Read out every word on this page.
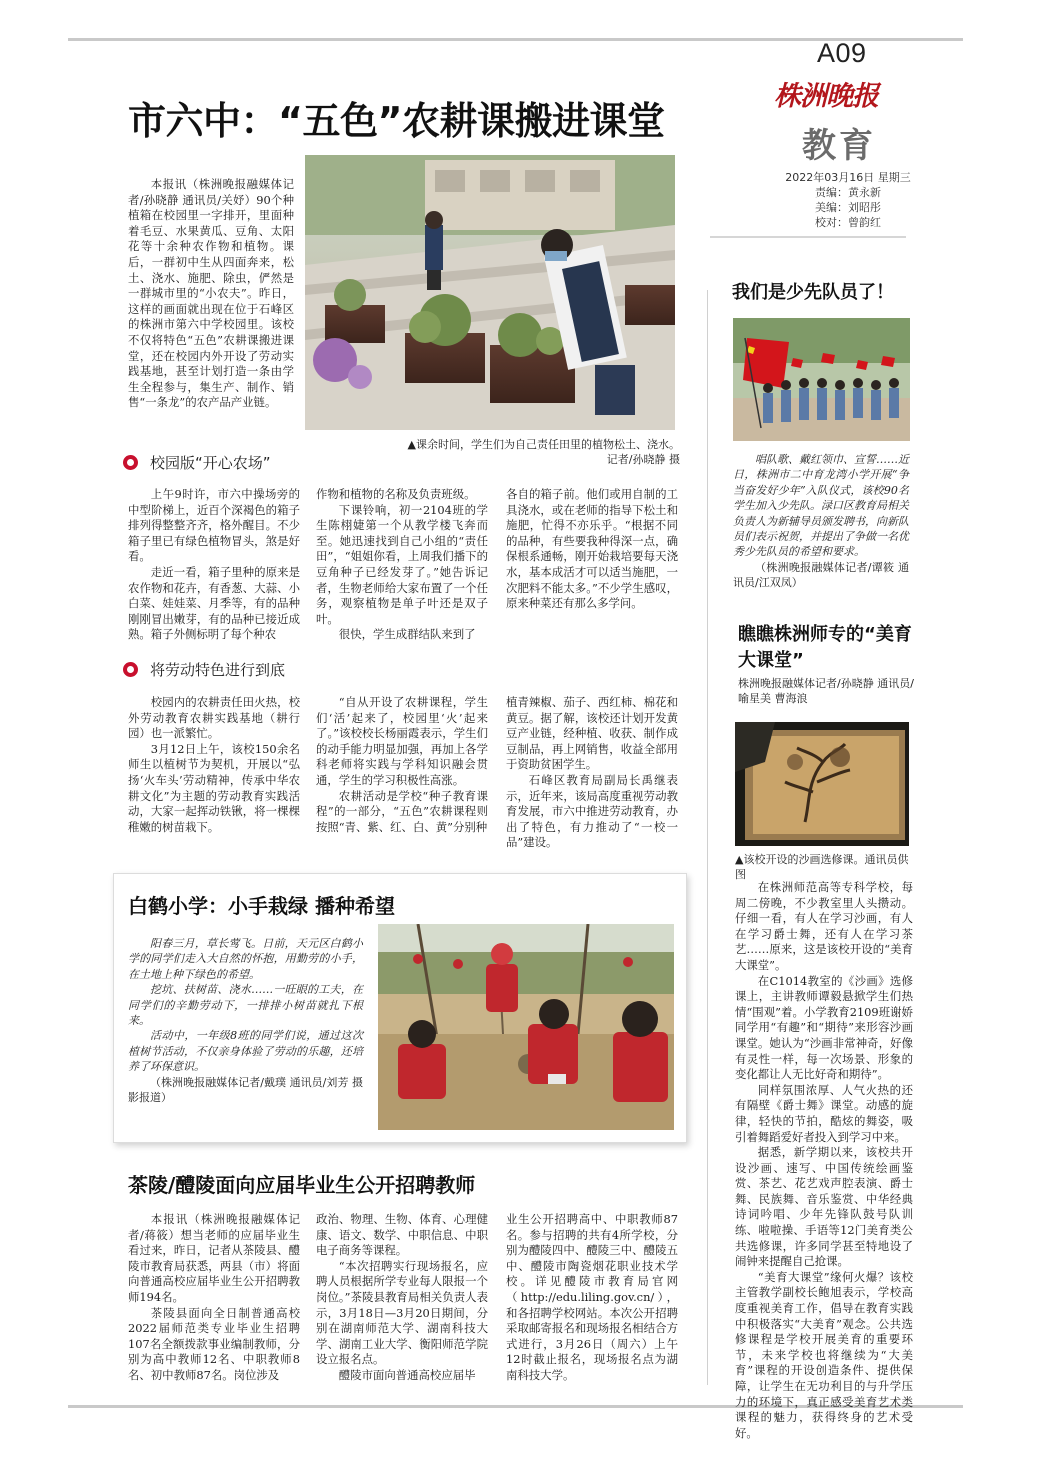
A09
株洲晚报
教育
2022年03月16日 星期三
责编：黄永新
美编：刘昭彤
校对：曾韵红
市六中：“五色”农耕课搬进课堂

本报讯（株洲晚报融媒体记者/孙晓静 通讯员/关妤）90个种植箱在校园里一字排开，里面种着毛豆、水果黄瓜、豆角、太阳花等十余种农作物和植物。课后，一群初中生从四面奔来，松土、浇水、施肥、除虫，俨然是一群城市里的“小农夫”。昨日，这样的画面就出现在位于石峰区的株洲市第六中学校园里。该校不仅将特色“五色”农耕课搬进课堂，还在校园内外开设了劳动实践基地，甚至计划打造一条由学生全程参与，集生产、制作、销售“一条龙”的农产品产业链。

▲课余时间，学生们为自己责任田里的植物松土、浇水。
记者/孙晓静 摄
校园版“开心农场”

上午9时许，市六中操场旁的中型阶梯上，近百个深褐色的箱子排列得整整齐齐，格外醒目。不少箱子里已有绿色植物冒头，煞是好看。

走近一看，箱子里种的原来是农作物和花卉，有香葱、大蒜、小白菜、娃娃菜、月季等，有的品种刚刚冒出嫩芽，有的品种已接近成熟。箱子外侧标明了每个种农

作物和植物的名称及负责班级。

下课铃响，初一2104班的学生陈栩婕第一个从教学楼飞奔而至。她迅速找到自己小组的“责任田”，“姐姐你看，上周我们播下的豆角种子已经发芽了。”她告诉记者，生物老师给大家布置了一个任务，观察植物是单子叶还是双子叶。

很快，学生成群结队来到了

各自的箱子前。他们或用自制的工具浇水，或在老师的指导下松土和施肥，忙得不亦乐乎。“根据不同的品种，有些要我种得深一点，确保根系通畅，刚开始栽培要每天浇水，基本成活才可以适当施肥，一次肥料不能太多。”不少学生感叹，原来种菜还有那么多学问。

将劳动特色进行到底

校园内的农耕责任田火热，校外劳动教育农耕实践基地（耕行园）也一派繁忙。

3月12日上午，该校150余名师生以植树节为契机，开展以“弘扬‘火车头’劳动精神，传承中华农耕文化”为主题的劳动教育实践活动，大家一起挥动铁锹，将一棵棵稚嫩的树苗栽下。

“自从开设了农耕课程，学生们‘活’起来了，校园里‘火’起来了。”该校校长杨丽霞表示，学生们的动手能力明显加强，再加上各学科老师将实践与学科知识融会贯通，学生的学习积极性高涨。

农耕活动是学校“种子教育课程”的一部分，“五色”农耕课程则按照“青、紫、红、白、黄”分别种

植青辣椒、茄子、西红柿、棉花和黄豆。据了解，该校还计划开发黄豆产业链，经种植、收获、制作成豆制品，再上网销售，收益全部用于资助贫困学生。

石峰区教育局副局长禹继表示，近年来，该局高度重视劳动教育发展，市六中推进劳动教育，办出了特色，有力推动了“一校一品”建设。

白鹤小学：小手栽绿 播种希望

阳春三月，草长莺飞。日前，天元区白鹤小学的同学们走入大自然的怀抱，用勤劳的小手，在土地上种下绿色的希望。

挖坑、扶树苗、浇水……一旺眼的工夫，在同学们的辛勤劳动下，一排排小树苗就扎下根来。

活动中，一年级8班的同学们说，通过这次植树节活动，不仅亲身体验了劳动的乐趣，还培养了环保意识。

（株洲晚报融媒体记者/戴璞 通讯员/刘芳 摄影报道）

茶陵/醴陵面向应届毕业生公开招聘教师

本报讯（株洲晚报融媒体记者/蒋筱）想当老师的应届毕业生看过来，昨日，记者从茶陵县、醴陵市教育局获悉，两县（市）将面向普通高校应届毕业生公开招聘教师194名。

茶陵县面向全日制普通高校2022届师范类专业毕业生招聘107名全额拨款事业编制教师，分别为高中教师12名、中职教师8名、初中教师87名。岗位涉及

政治、物理、生物、体育、心理健康、语文、数学、中职信息、中职电子商务等课程。

“本次招聘实行现场报名，应聘人员根据所学专业每人限报一个岗位。”茶陵县教育局相关负责人表示，3月18日—3月20日期间，分别在湖南师范大学、湖南科技大学、湖南工业大学、衡阳师范学院设立报名点。

醴陵市面向普通高校应届毕

业生公开招聘高中、中职教师87名。参与招聘的共有4所学校，分别为醴陵四中、醴陵三中、醴陵五中、醴陵市陶瓷烟花职业技术学校。详见醴陵市教育局官网（http://edu.liling.gov.cn/），和各招聘学校网站。本次公开招聘采取邮寄报名和现场报名相结合方式进行，3月26日（周六）上午12时截止报名，现场报名点为湖南科技大学。

我们是少先队员了！

唱队歌、戴红领巾、宣誓……近日，株洲市二中育龙湾小学开展“争当奋发好少年”入队仪式，该校90名学生加入少先队。渌口区教育局相关负责人为新辅导员颁发聘书，向新队员们表示祝贺，并提出了争做一名优秀少先队员的希望和要求。

（株洲晚报融媒体记者/谭筱 通讯员/江双凤）

瞧瞧株洲师专的“美育大课堂”
株洲晚报融媒体记者/孙晓静 通讯员/喻星美 曹海浪
▲该校开设的沙画选修课。通讯员供图

在株洲师范高等专科学校，每周二傍晚，不少教室里人头攒动。仔细一看，有人在学习沙画，有人在学习爵士舞，还有人在学习茶艺……原来，这是该校开设的“美育大课堂”。

在C1014教室的《沙画》选修课上，主讲教师谭毅悬掀学生们热情“围观”着。小学教育2109班谢娇同学用“有趣”和“期待”来形容沙画课堂。她认为“沙画非常神奇，好像有灵性一样，每一次场景、形象的变化都让人无比好奇和期待”。

同样氛围浓厚、人气火热的还有隔壁《爵士舞》课堂。动感的旋律，轻快的节拍，酷炫的舞姿，吸引着舞蹈爱好者投入到学习中来。

据悉，新学期以来，该校共开设沙画、速写、中国传统绘画鉴赏、茶艺、花艺戏声腔表演、爵士舞、民族舞、音乐鉴赏、中华经典诗词吟唱、少年先锋队鼓号队训练、啦啦操、手语等12门美育类公共选修课，许多同学甚至特地设了闹钟来提醒自己抢课。

“美育大课堂”缘何火爆？该校主管教学副校长鲍旭表示，学校高度重视美育工作，倡导在教育实践中积极落实“大美育”观念。公共选修课程是学校开展美育的重要环节，未来学校也将继续为“大美育”课程的开设创造条件、提供保障，让学生在无功利目的与升学压力的环境下，真正感受美育艺术类课程的魅力，获得终身的艺术受好。
